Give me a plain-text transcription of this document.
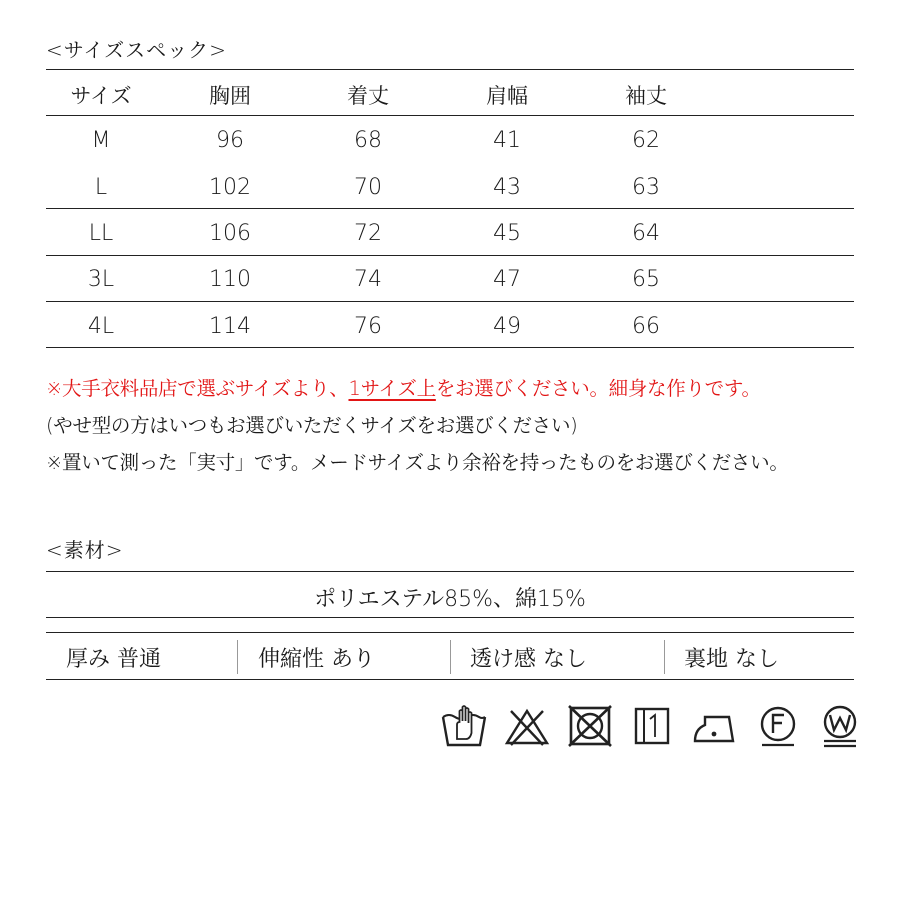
<サイズスペック>
サイズ	胸囲	着丈	肩幅	袖丈
M	96	68	41	62
L	102	70	43	63
LL	106	72	45	64
3L	110	74	47	65
4L	114	76	49	66
※大手衣料品店で選ぶサイズより、1サイズ上をお選びください。細身な作りです。
(やせ型の方はいつもお選びいただくサイズをお選びください)
※置いて測った「実寸」です。メードサイズより余裕を持ったものをお選びください。
<素材>
ポリエステル85%、綿15%
厚み 普通	伸縮性 あり	透け感 なし	裏地 なし
